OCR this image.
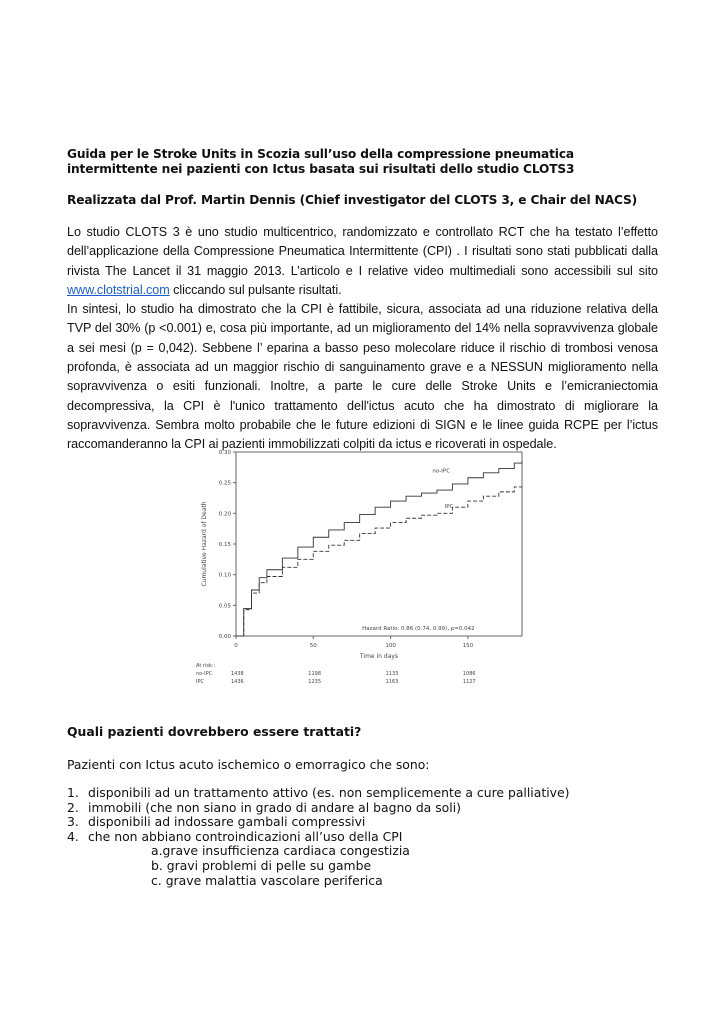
Guida per le Stroke Units in Scozia sull’uso della compressione pneumatica
intermittente nei pazienti con Ictus basata sui risultati dello studio CLOTS3
Realizzata dal Prof. Martin Dennis (Chief investigator del CLOTS 3, e Chair del NACS)

Lo studio CLOTS 3 è uno studio multicentrico, randomizzato e controllato RCT che ha testato l’effetto dell’applicazione della Compressione Pneumatica Intermittente (CPI) . I risultati sono stati pubblicati dalla rivista The Lancet il 31 maggio 2013. L’articolo e I relative video multimediali sono accessibili sul sito www.clotstrial.com cliccando sul pulsante risultati.

In sintesi, lo studio ha dimostrato che la CPI è fattibile, sicura, associata ad una riduzione relativa della TVP del 30% (p <0.001) e, cosa più importante, ad un miglioramento del 14% nella sopravvivenza globale a sei mesi (p = 0,042). Sebbene l’ eparina a basso peso molecolare riduce il rischio di trombosi venosa profonda, è associata ad un maggior rischio di sanguinamento grave e a NESSUN miglioramento nella sopravvivenza o esiti funzionali. Inoltre, a parte le cure delle Stroke Units e l’emicraniectomia decompressiva, la CPI è l'unico trattamento dell'ictus acuto che ha dimostrato di migliorare la sopravvivenza. Sembra molto probabile che le future edizioni di SIGN e le linee guida RCPE per l’ictus raccomanderanno la CPI ai pazienti immobilizzati colpiti da ictus e ricoverati in ospedale.

0.00
0.05
0.10
0.15
0.20
0.25
0.30
0	50	100	150
Cumulative Hazard of Death
Time in days
no-IPC
IPC
Hazard Ratio: 0.86 (0.74, 0.99), p=0.042
At risk::
no-IPC	1438	1198	1133	1086
IPC	1436	1235	1163	1127
Quali pazienti dovrebbero essere trattati?
Pazienti con Ictus acuto ischemico o emorragico che sono:
1. disponibili ad un trattamento attivo (es. non semplicemente a cure palliative)
2. immobili (che non siano in grado di andare al bagno da soli)
3. disponibili ad indossare gambali compressivi
4. che non abbiano controindicazioni all’uso della CPI
a.grave insufficienza cardiaca congestizia
b. gravi problemi di pelle su gambe
c. grave malattia vascolare periferica
